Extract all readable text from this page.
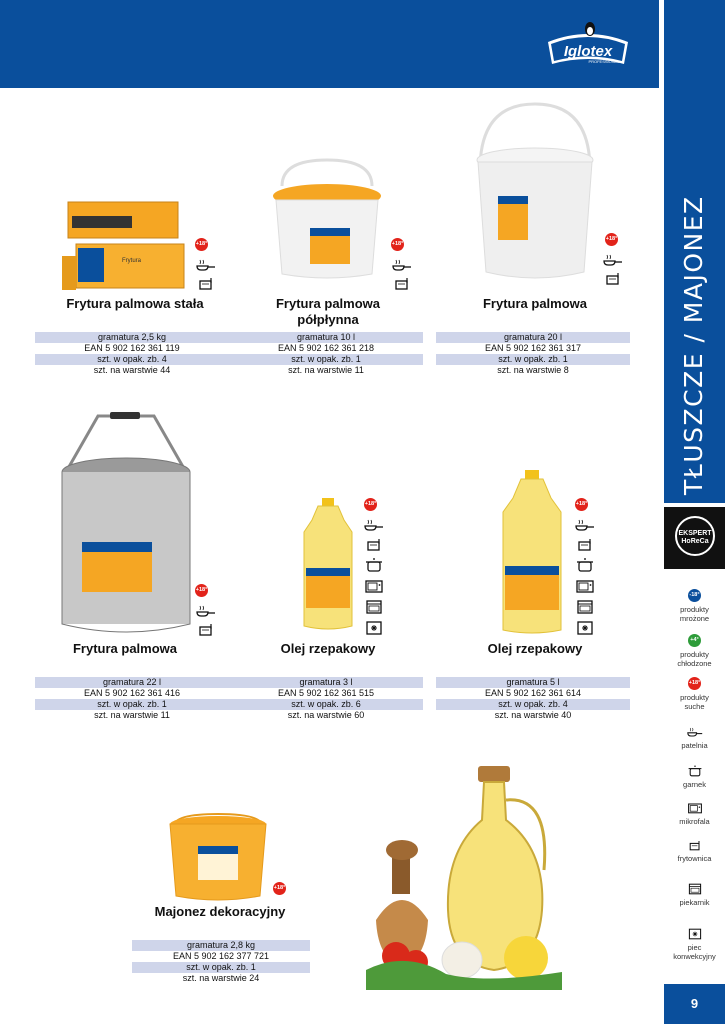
Iglotex
PROFESSIONAL
TŁUSZCZE / MAJONEZ
EKSPERT
HoReCa
-18°
produkty
mrożone
+4°
produkty
chłodzone
+18°
produkty
suche
patelnia
garnek
mikrofala
frytownica
piekarnik
piec
konwekcyjny
9
Frytura
+18°
Frytura palmowa stała
gramatura 2,5 kg
EAN 5 902 162 361 119
szt. w opak. zb. 4
szt. na warstwie 44
+18°
Frytura palmowa
półpłynna
gramatura 10 l
EAN 5 902 162 361 218
szt. w opak. zb. 1
szt. na warstwie 11
+18°
Frytura palmowa
gramatura 20 l
EAN 5 902 162 361 317
szt. w opak. zb. 1
szt. na warstwie 8
+18°
Frytura palmowa
gramatura 22 l
EAN 5 902 162 361 416
szt. w opak. zb. 1
szt. na warstwie 11
+18°
Olej rzepakowy
gramatura 3 l
EAN 5 902 162 361 515
szt. w opak. zb. 6
szt. na warstwie 60
+18°
Olej rzepakowy
gramatura 5 l
EAN 5 902 162 361 614
szt. w opak. zb. 4
szt. na warstwie 40
+18°
Majonez dekoracyjny
gramatura 2,8 kg
EAN 5 902 162 377 721
szt. w opak. zb. 1
szt. na warstwie 24
